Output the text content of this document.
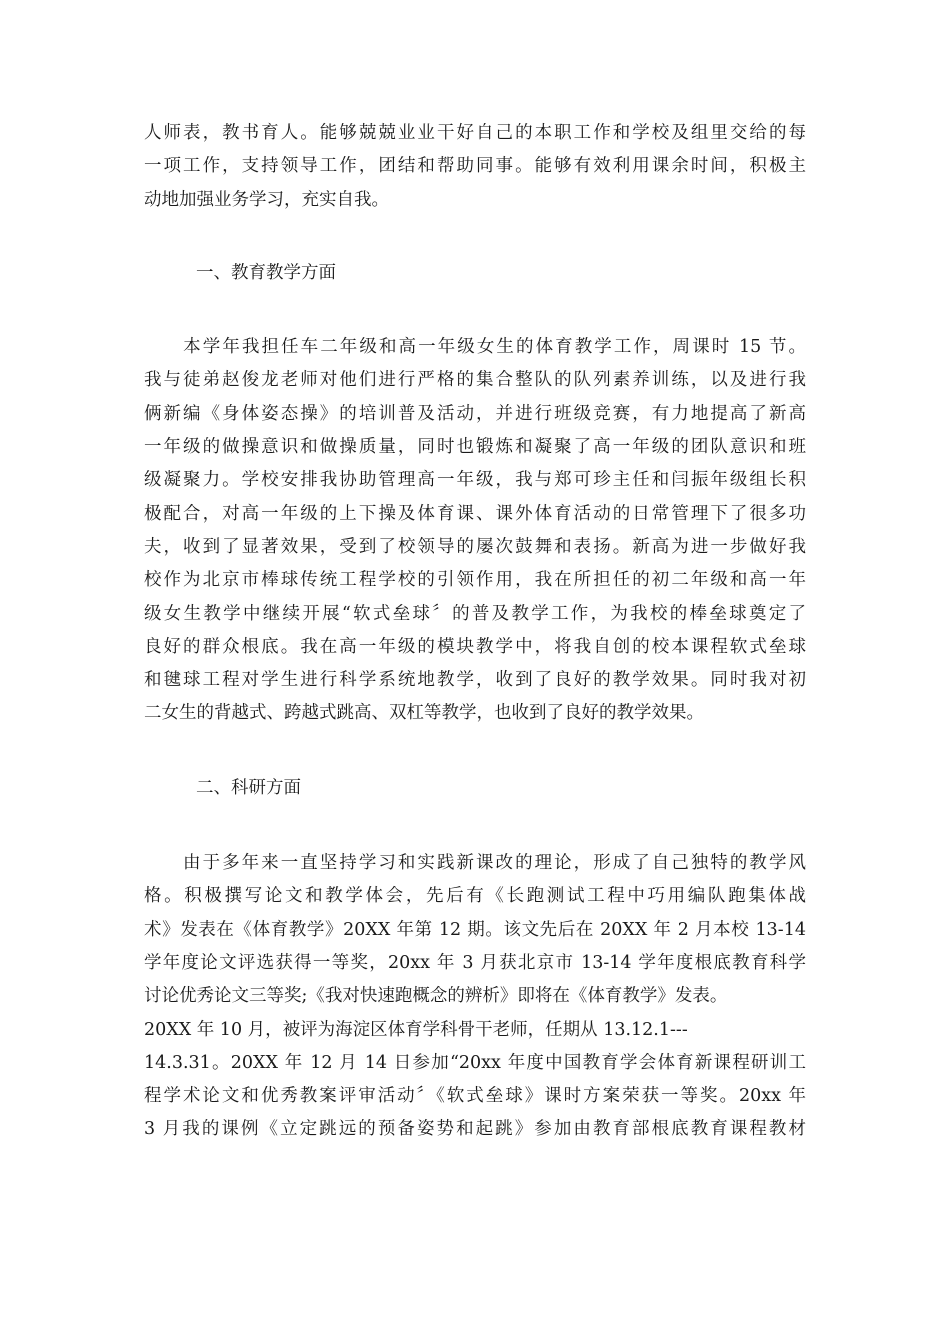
人师表，教书育人。能够兢兢业业干好自己的本职工作和学校及组里交给的每
一项工作，支持领导工作，团结和帮助同事。能够有效利用课余时间，积极主
动地加强业务学习，充实自我。
一、教育教学方面
　　本学年我担任车二年级和高一年级女生的体育教学工作，周课时 15 节。
我与徒弟赵俊龙老师对他们进行严格的集合整队的队列素养训练，以及进行我
俩新编《身体姿态操》的培训普及活动，并进行班级竞赛，有力地提高了新高
一年级的做操意识和做操质量，同时也锻炼和凝聚了高一年级的团队意识和班
级凝聚力。学校安排我协助管理高一年级，我与郑可珍主任和闫振年级组长积
极配合，对高一年级的上下操及体育课、课外体育活动的日常管理下了很多功
夫，收到了显著效果，受到了校领导的屡次鼓舞和表扬。新高为进一步做好我
校作为北京市棒球传统工程学校的引领作用，我在所担任的初二年级和高一年
级女生教学中继续开展“软式垒球〞的普及教学工作，为我校的棒垒球奠定了
良好的群众根底。我在高一年级的模块教学中，将我自创的校本课程软式垒球
和毽球工程对学生进行科学系统地教学，收到了良好的教学效果。同时我对初
二女生的背越式、跨越式跳高、双杠等教学，也收到了良好的教学效果。
二、科研方面
　　由于多年来一直坚持学习和实践新课改的理论，形成了自己独特的教学风
格。积极撰写论文和教学体会，先后有《长跑测试工程中巧用编队跑集体战
术》发表在《体育教学》20XX 年第 12 期。该文先后在 20XX 年 2 月本校 13-14
学年度论文评选获得一等奖，20xx 年 3 月获北京市 13-14 学年度根底教育科学
讨论优秀论文三等奖;《我对快速跑概念的辨析》即将在《体育教学》发表。
20XX 年 10 月，被评为海淀区体育学科骨干老师，任期从 13.12.1---
14.3.31。20XX 年 12 月 14 日参加“20xx 年度中国教育学会体育新课程研训工
程学术论文和优秀教案评审活动〞《软式垒球》课时方案荣获一等奖。20xx 年
3 月我的课例《立定跳远的预备姿势和起跳》参加由教育部根底教育课程教材
